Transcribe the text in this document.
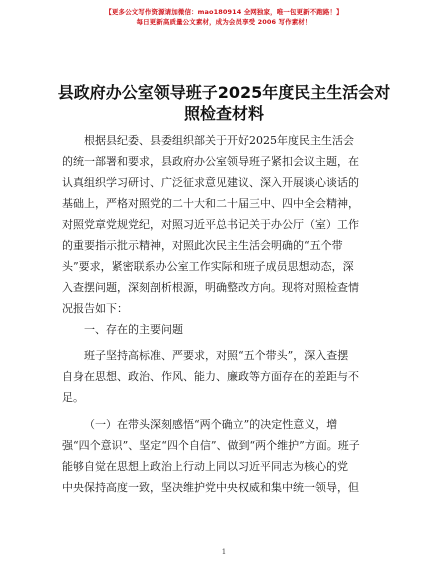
【更多公文写作资源请加微信：mao180914 全网独家，唯一包更新不跑路！】
每日更新高质量公文素材，成为会员享受 2006 写作素材！
县政府办公室领导班子2025年度民主生活会对
照检查材料
根据县纪委、县委组织部关于开好2025年度民主生活会
的统一部署和要求，县政府办公室领导班子紧扣会议主题，在
认真组织学习研讨、广泛征求意见建议、深入开展谈心谈话的
基础上，严格对照党的二十大和二十届三中、四中全会精神，
对照党章党规党纪，对照习近平总书记关于办公厅（室）工作
的重要指示批示精神，对照此次民主生活会明确的“五个带
头”要求，紧密联系办公室工作实际和班子成员思想动态，深
入查摆问题，深刻剖析根源，明确整改方向。现将对照检查情
况报告如下：
一、存在的主要问题
班子坚持高标准、严要求，对照“五个带头”，深入查摆
自身在思想、政治、作风、能力、廉政等方面存在的差距与不
足。
（一）在带头深刻感悟“两个确立”的决定性意义，增
强“四个意识”、坚定“四个自信”、做到“两个维护”方面。班子
能够自觉在思想上政治上行动上同以习近平同志为核心的党
中央保持高度一致，坚决维护党中央权威和集中统一领导，但
1
